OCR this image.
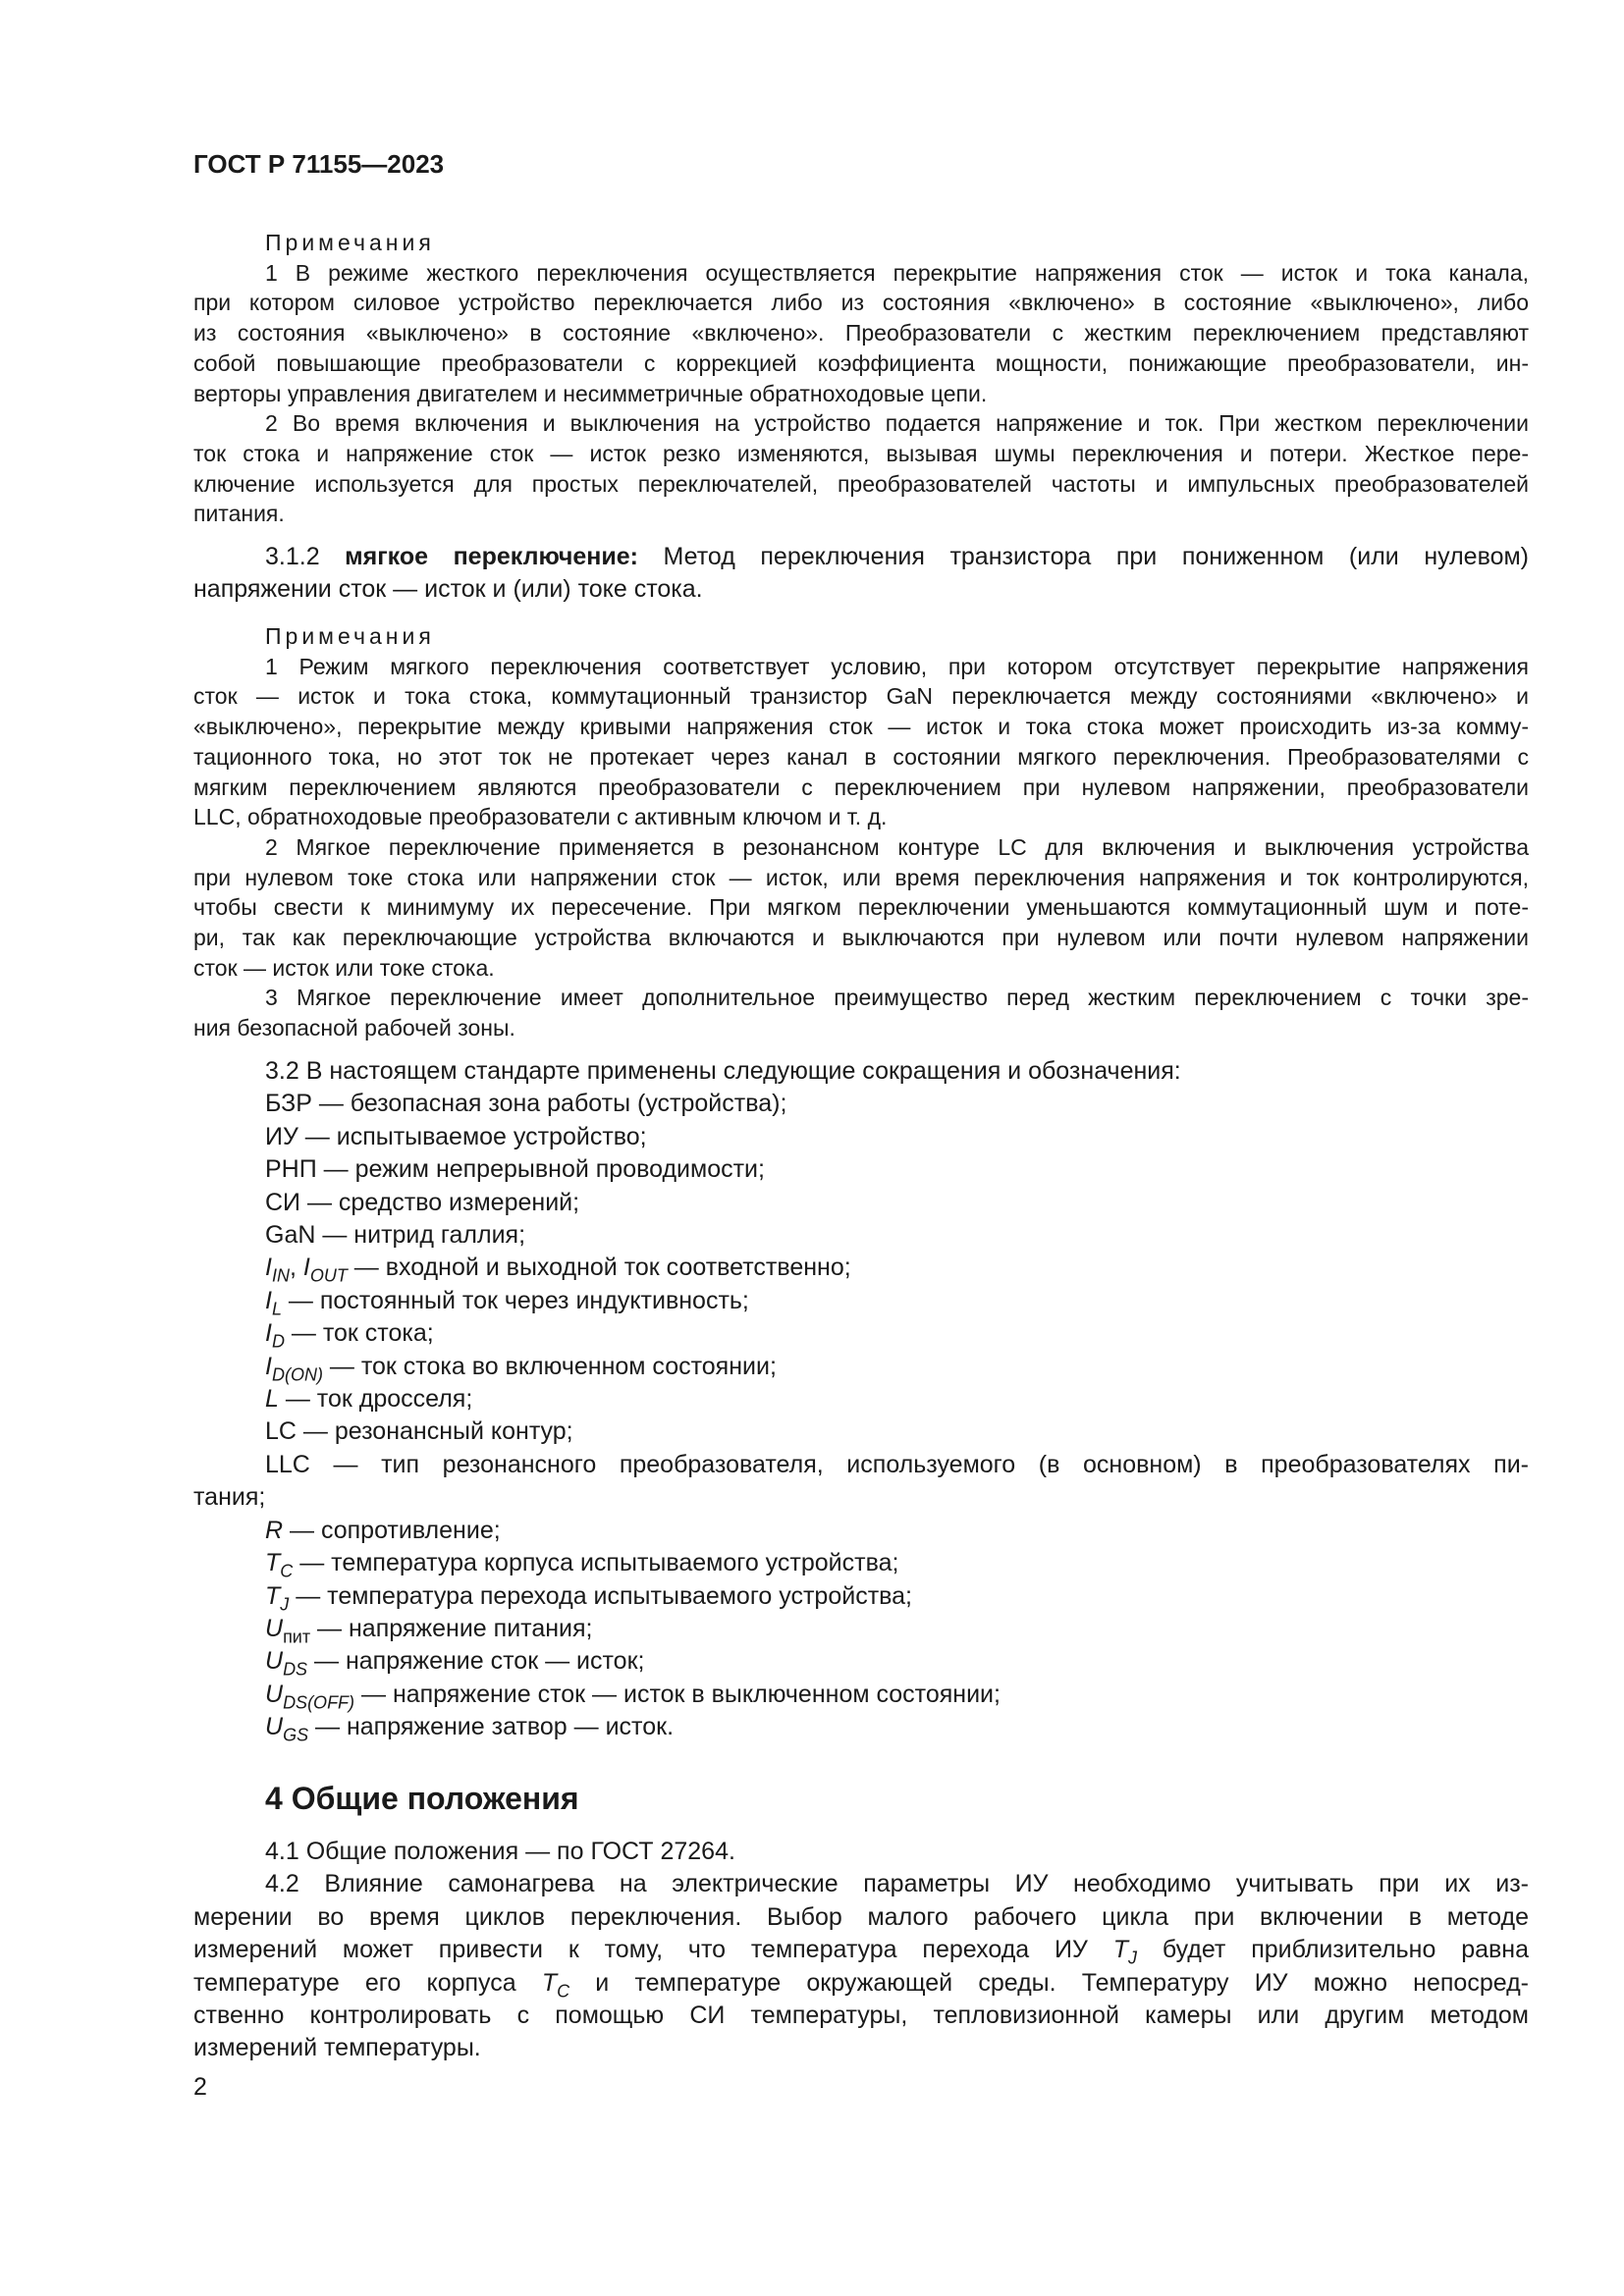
ГОСТ Р 71155—2023
Примечания
1 В режиме жесткого переключения осуществляется перекрытие напряжения сток — исток и тока канала,
при котором силовое устройство переключается либо из состояния «включено» в состояние «выключено», либо
из состояния «выключено» в состояние «включено». Преобразователи с жестким переключением представляют
собой повышающие преобразователи с коррекцией коэффициента мощности, понижающие преобразователи, ин-
верторы управления двигателем и несимметричные обратноходовые цепи.
2 Во время включения и выключения на устройство подается напряжение и ток. При жестком переключении
ток стока и напряжение сток — исток резко изменяются, вызывая шумы переключения и потери. Жесткое пере-
ключение используется для простых переключателей, преобразователей частоты и импульсных преобразователей
питания.
3.1.2 мягкое переключение: Метод переключения транзистора при пониженном (или нулевом)
напряжении сток — исток и (или) токе стока.
Примечания
1 Режим мягкого переключения соответствует условию, при котором отсутствует перекрытие напряжения
сток — исток и тока стока, коммутационный транзистор GaN переключается между состояниями «включено» и
«выключено», перекрытие между кривыми напряжения сток — исток и тока стока может происходить из-за комму-
тационного тока, но этот ток не протекает через канал в состоянии мягкого переключения. Преобразователями с
мягким переключением являются преобразователи с переключением при нулевом напряжении, преобразователи
LLC, обратноходовые преобразователи с активным ключом и т. д.
2 Мягкое переключение применяется в резонансном контуре LC для включения и выключения устройства
при нулевом токе стока или напряжении сток — исток, или время переключения напряжения и ток контролируются,
чтобы свести к минимуму их пересечение. При мягком переключении уменьшаются коммутационный шум и поте-
ри, так как переключающие устройства включаются и выключаются при нулевом или почти нулевом напряжении
сток — исток или токе стока.
3 Мягкое переключение имеет дополнительное преимущество перед жестким переключением с точки зре-
ния безопасной рабочей зоны.
3.2 В настоящем стандарте применены следующие сокращения и обозначения:
БЗР — безопасная зона работы (устройства);
ИУ — испытываемое устройство;
РНП — режим непрерывной проводимости;
СИ — средство измерений;
GaN — нитрид галлия;
$I_{IN}$, $I_{OUT}$ — входной и выходной ток соответственно;
$I_L$ — постоянный ток через индуктивность;
$I_D$ — ток стока;
$I_{D(ON)}$ — ток стока во включенном состоянии;
L — ток дросселя;
LC — резонансный контур;
LLC — тип резонансного преобразователя, используемого (в основном) в преобразователях пи-
тания;
R — сопротивление;
$T_C$ — температура корпуса испытываемого устройства;
$T_J$ — температура перехода испытываемого устройства;
$U_{пит}$ — напряжение питания;
$U_{DS}$ — напряжение сток — исток;
$U_{DS(OFF)}$ — напряжение сток — исток в выключенном состоянии;
$U_{GS}$ — напряжение затвор — исток.
4 Общие положения
4.1 Общие положения — по ГОСТ 27264.
4.2 Влияние самонагрева на электрические параметры ИУ необходимо учитывать при их из-
мерении во время циклов переключения. Выбор малого рабочего цикла при включении в методе
измерений может привести к тому, что температура перехода ИУ $T_J$ будет приблизительно равна
температуре его корпуса $T_C$ и температуре окружающей среды. Температуру ИУ можно непосред-
ственно контролировать с помощью СИ температуры, тепловизионной камеры или другим методом
измерений температуры.
2
